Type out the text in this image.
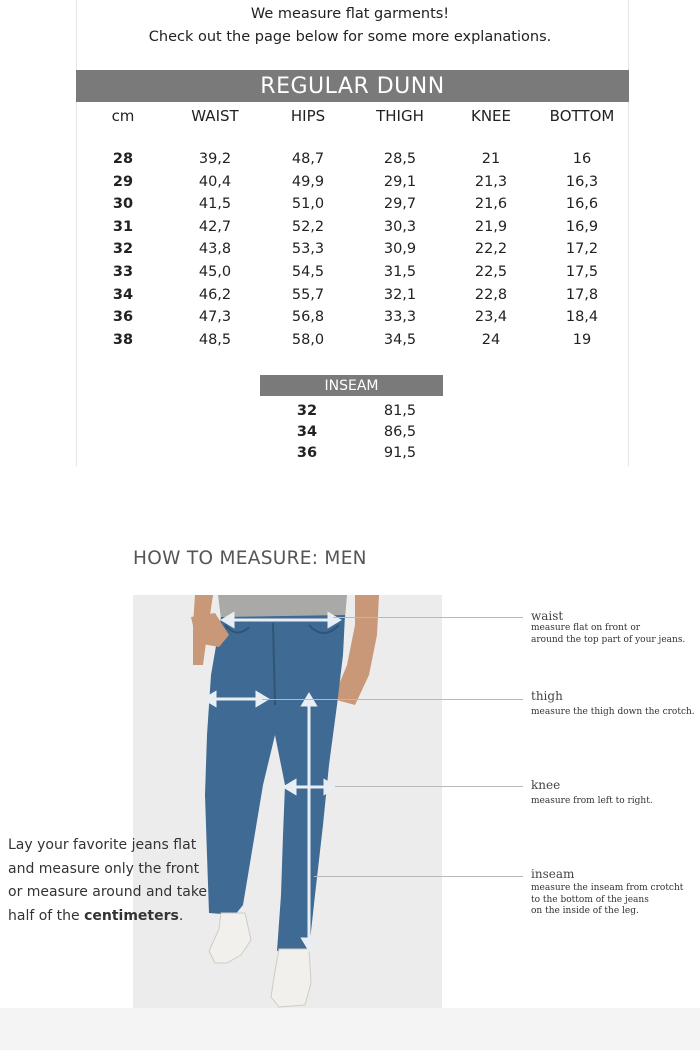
We measure flat garments!
Check out the page below for some more explanations.
REGULAR DUNN
cm	WAIST	HIPS	THIGH	KNEE	BOTTOM
28	39,2	48,7	28,5	21	16
29	40,4	49,9	29,1	21,3	16,3
30	41,5	51,0	29,7	21,6	16,6
31	42,7	52,2	30,3	21,9	16,9
32	43,8	53,3	30,9	22,2	17,2
33	45,0	54,5	31,5	22,5	17,5
34	46,2	55,7	32,1	22,8	17,8
36	47,3	56,8	33,3	23,4	18,4
38	48,5	58,0	34,5	24	19
INSEAM
32	81,5
34	86,5
36	91,5
HOW TO MEASURE: MEN
waist
measure flat on front or
around the top part of your jeans.
thigh
measure the thigh down the crotch.
knee
measure from left to right.
inseam
measure the inseam from crotcht
to the bottom of the jeans
on the inside of the leg.
Lay your favorite jeans flat
and measure only the front
or measure around and take
half of the centimeters.
